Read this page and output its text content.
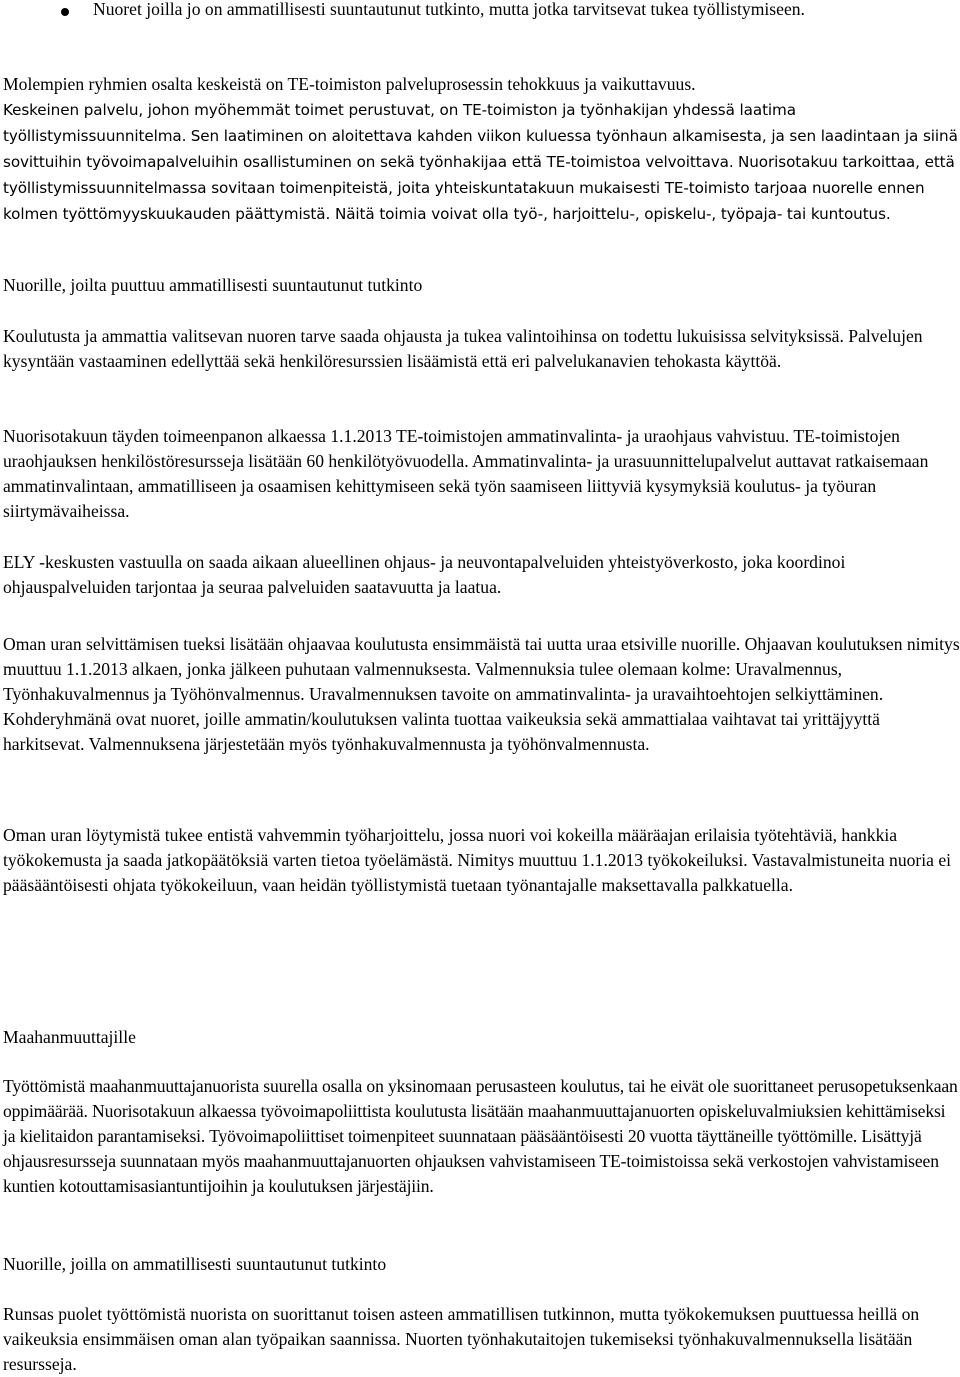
Nuoret joilla jo on ammatillisesti suuntautunut tutkinto, mutta jotka tarvitsevat tukea työllistymiseen.

Molempien ryhmien osalta keskeistä on TE-toimiston palveluprosessin tehokkuus ja vaikuttavuus.
Keskeinen palvelu, johon myöhemmät toimet perustuvat, on TE-toimiston ja työnhakijan yhdessä laatima työllistymissuunnitelma. Sen laatiminen on aloitettava kahden viikon kuluessa työnhaun alkamisesta, ja sen laadintaan ja siinä sovittuihin työvoimapalveluihin osallistuminen on sekä työnhakijaa että TE-toimistoa velvoittava. Nuorisotakuu tarkoittaa, että työllistymissuunnitelmassa sovitaan toimenpiteistä, joita yhteiskuntatakuun mukaisesti TE-toimisto tarjoaa nuorelle ennen kolmen työttömyyskuukauden päättymistä. Näitä toimia voivat olla työ-, harjoittelu-, opiskelu-, työpaja- tai kuntoutus.

Nuorille, joilta puuttuu ammatillisesti suuntautunut tutkinto

Koulutusta ja ammattia valitsevan nuoren tarve saada ohjausta ja tukea valintoihinsa on todettu lukuisissa selvityksissä. Palvelujen kysyntään vastaaminen edellyttää sekä henkilöresurssien lisäämistä että eri palvelukanavien tehokasta käyttöä.

Nuorisotakuun täyden toimeenpanon alkaessa 1.1.2013 TE-toimistojen ammatinvalinta- ja uraohjaus vahvistuu. TE-toimistojen uraohjauksen henkilöstöresursseja lisätään 60 henkilötyövuodella. Ammatinvalinta- ja urasuunnittelupalvelut auttavat ratkaisemaan ammatinvalintaan, ammatilliseen ja osaamisen kehittymiseen sekä työn saamiseen liittyviä kysymyksiä koulutus- ja työuran siirtymävaiheissa.

ELY -keskusten vastuulla on saada aikaan alueellinen ohjaus- ja neuvontapalveluiden yhteistyöverkosto, joka koordinoi ohjauspalveluiden tarjontaa ja seuraa palveluiden saatavuutta ja laatua.

Oman uran selvittämisen tueksi lisätään ohjaavaa koulutusta ensimmäistä tai uutta uraa etsiville nuorille. Ohjaavan koulutuksen nimitys muuttuu 1.1.2013 alkaen, jonka jälkeen puhutaan valmennuksesta. Valmennuksia tulee olemaan kolme: Uravalmennus, Työnhakuvalmennus ja Työhönvalmennus. Uravalmennuksen tavoite on ammatinvalinta- ja uravaihtoehtojen selkiyttäminen. Kohderyhmänä ovat nuoret, joille ammatin/koulutuksen valinta tuottaa vaikeuksia sekä ammattialaa vaihtavat tai yrittäjyyttä harkitsevat. Valmennuksena järjestetään myös työnhakuvalmennusta ja työhönvalmennusta.

Oman uran löytymistä tukee entistä vahvemmin työharjoittelu, jossa nuori voi kokeilla määräajan erilaisia työtehtäviä, hankkia työkokemusta ja saada jatkopäätöksiä varten tietoa työelämästä. Nimitys muuttuu 1.1.2013 työkokeiluksi. Vastavalmistuneita nuoria ei pääsääntöisesti ohjata työkokeiluun, vaan heidän työllistymistä tuetaan työnantajalle maksettavalla palkkatuella.

Maahanmuuttajille

Työttömistä maahanmuuttajanuorista suurella osalla on yksinomaan perusasteen koulutus, tai he eivät ole suorittaneet perusopetuksenkaan oppimäärää. Nuorisotakuun alkaessa työvoimapoliittista koulutusta lisätään maahanmuuttajanuorten opiskeluvalmiuksien kehittämiseksi ja kielitaidon parantamiseksi. Työvoimapoliittiset toimenpiteet suunnataan pääsääntöisesti 20 vuotta täyttäneille työttömille. Lisättyjä ohjausresursseja suunnataan myös maahanmuuttajanuorten ohjauksen vahvistamiseen TE-toimistoissa sekä verkostojen vahvistamiseen kuntien kotouttamisasiantuntijoihin ja koulutuksen järjestäjiin.

Nuorille, joilla on ammatillisesti suuntautunut tutkinto

Runsas puolet työttömistä nuorista on suorittanut toisen asteen ammatillisen tutkinnon, mutta työkokemuksen puuttuessa heillä on vaikeuksia ensimmäisen oman alan työpaikan saannissa. Nuorten työnhakutaitojen tukemiseksi työnhakuvalmennuksella lisätään resursseja.
